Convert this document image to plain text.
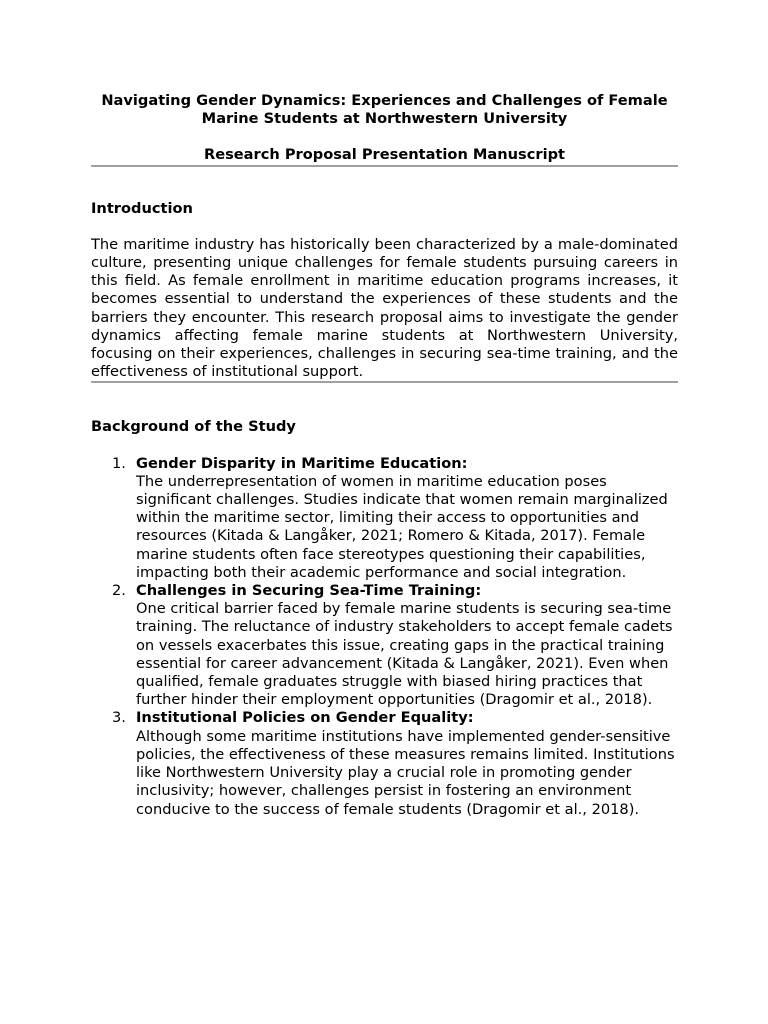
Navigating Gender Dynamics: Experiences and Challenges of Female Marine Students at Northwestern University

Research Proposal Presentation Manuscript

Introduction

The maritime industry has historically been characterized by a male-dominated culture, presenting unique challenges for female students pursuing careers in this field. As female enrollment in maritime education programs increases, it becomes essential to understand the experiences of these students and the barriers they encounter. This research proposal aims to investigate the gender dynamics affecting female marine students at Northwestern University, focusing on their experiences, challenges in securing sea-time training, and the effectiveness of institutional support.

Background of the Study

1. Gender Disparity in Maritime Education:
The underrepresentation of women in maritime education poses significant challenges. Studies indicate that women remain marginalized within the maritime sector, limiting their access to opportunities and resources (Kitada & Langåker, 2021; Romero & Kitada, 2017). Female marine students often face stereotypes questioning their capabilities, impacting both their academic performance and social integration.
2. Challenges in Securing Sea-Time Training:
One critical barrier faced by female marine students is securing sea-time training. The reluctance of industry stakeholders to accept female cadets on vessels exacerbates this issue, creating gaps in the practical training essential for career advancement (Kitada & Langåker, 2021). Even when qualified, female graduates struggle with biased hiring practices that further hinder their employment opportunities (Dragomir et al., 2018).
3. Institutional Policies on Gender Equality:
Although some maritime institutions have implemented gender-sensitive policies, the effectiveness of these measures remains limited. Institutions like Northwestern University play a crucial role in promoting gender inclusivity; however, challenges persist in fostering an environment conducive to the success of female students (Dragomir et al., 2018).
